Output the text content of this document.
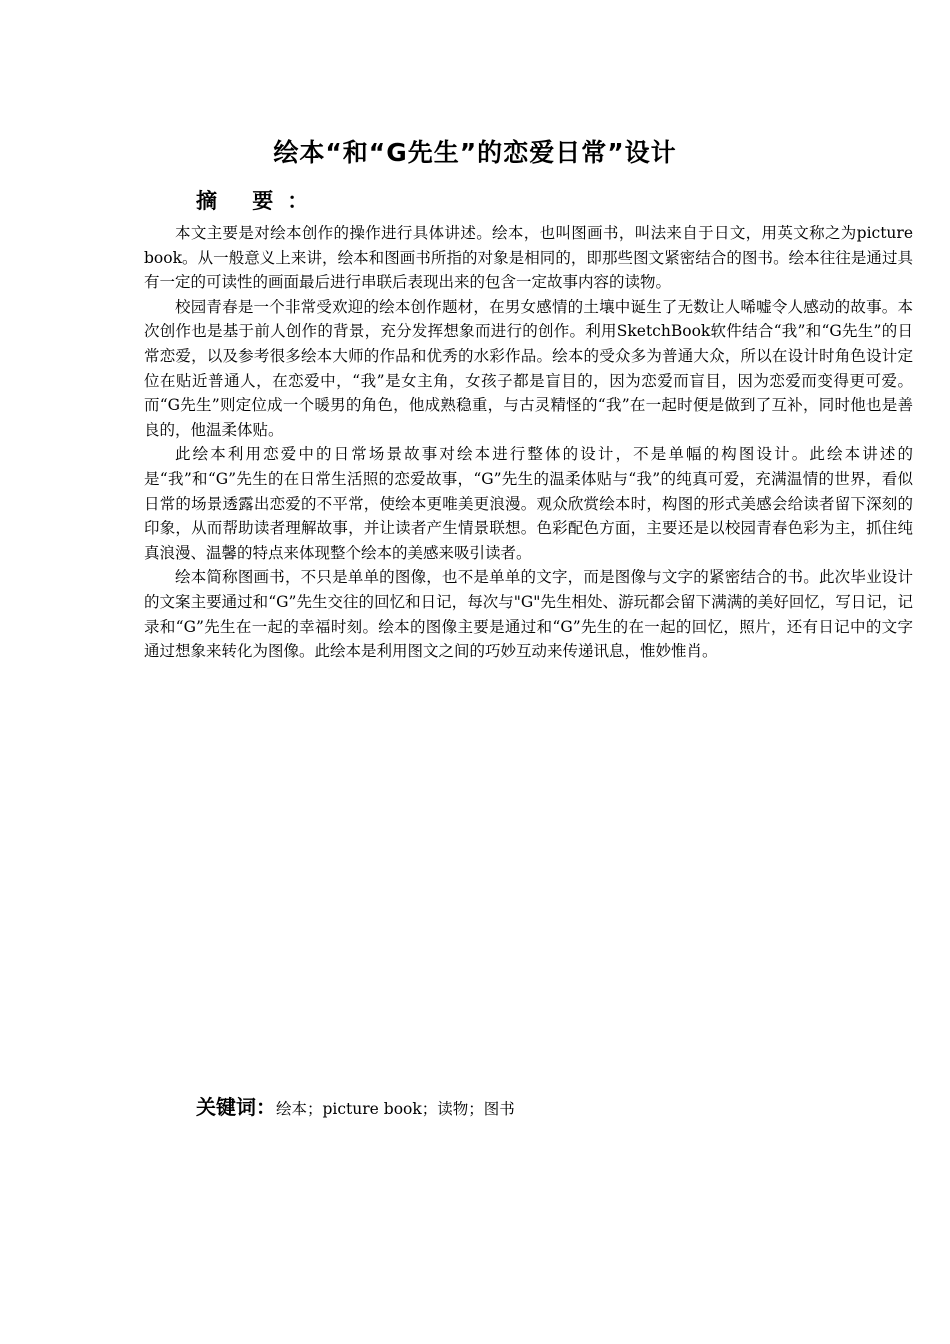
绘本“和“G先生”的恋爱日常”设计
摘 要：

本文主要是对绘本创作的操作进行具体讲述。绘本，也叫图画书，叫法来自于日文，用英文称之为picture book。从一般意义上来讲，绘本和图画书所指的对象是相同的，即那些图文紧密结合的图书。绘本往往是通过具有一定的可读性的画面最后进行串联后表现出来的包含一定故事内容的读物。

校园青春是一个非常受欢迎的绘本创作题材，在男女感情的土壤中诞生了无数让人唏嘘令人感动的故事。本次创作也是基于前人创作的背景，充分发挥想象而进行的创作。利用SketchBook软件结合“我”和“G先生”的日常恋爱，以及参考很多绘本大师的作品和优秀的水彩作品。绘本的受众多为普通大众，所以在设计时角色设计定位在贴近普通人，在恋爱中，“我”是女主角，女孩子都是盲目的，因为恋爱而盲目，因为恋爱而变得更可爱。而“G先生”则定位成一个暖男的角色，他成熟稳重，与古灵精怪的“我”在一起时便是做到了互补，同时他也是善良的，他温柔体贴。

此绘本利用恋爱中的日常场景故事对绘本进行整体的设计，不是单幅的构图设计。此绘本讲述的是“我”和“G”先生的在日常生活照的恋爱故事，“G”先生的温柔体贴与“我”的纯真可爱，充满温情的世界，看似日常的场景透露出恋爱的不平常，使绘本更唯美更浪漫。观众欣赏绘本时，构图的形式美感会给读者留下深刻的印象，从而帮助读者理解故事，并让读者产生情景联想。色彩配色方面，主要还是以校园青春色彩为主，抓住纯真浪漫、温馨的特点来体现整个绘本的美感来吸引读者。

绘本简称图画书，不只是单单的图像，也不是单单的文字，而是图像与文字的紧密结合的书。此次毕业设计的文案主要通过和“G”先生交往的回忆和日记，每次与"G"先生相处、游玩都会留下满满的美好回忆，写日记，记录和“G”先生在一起的幸福时刻。绘本的图像主要是通过和“G”先生的在一起的回忆，照片，还有日记中的文字通过想象来转化为图像。此绘本是利用图文之间的巧妙互动来传递讯息，惟妙惟肖。

关键词：绘本；picture book；读物；图书
